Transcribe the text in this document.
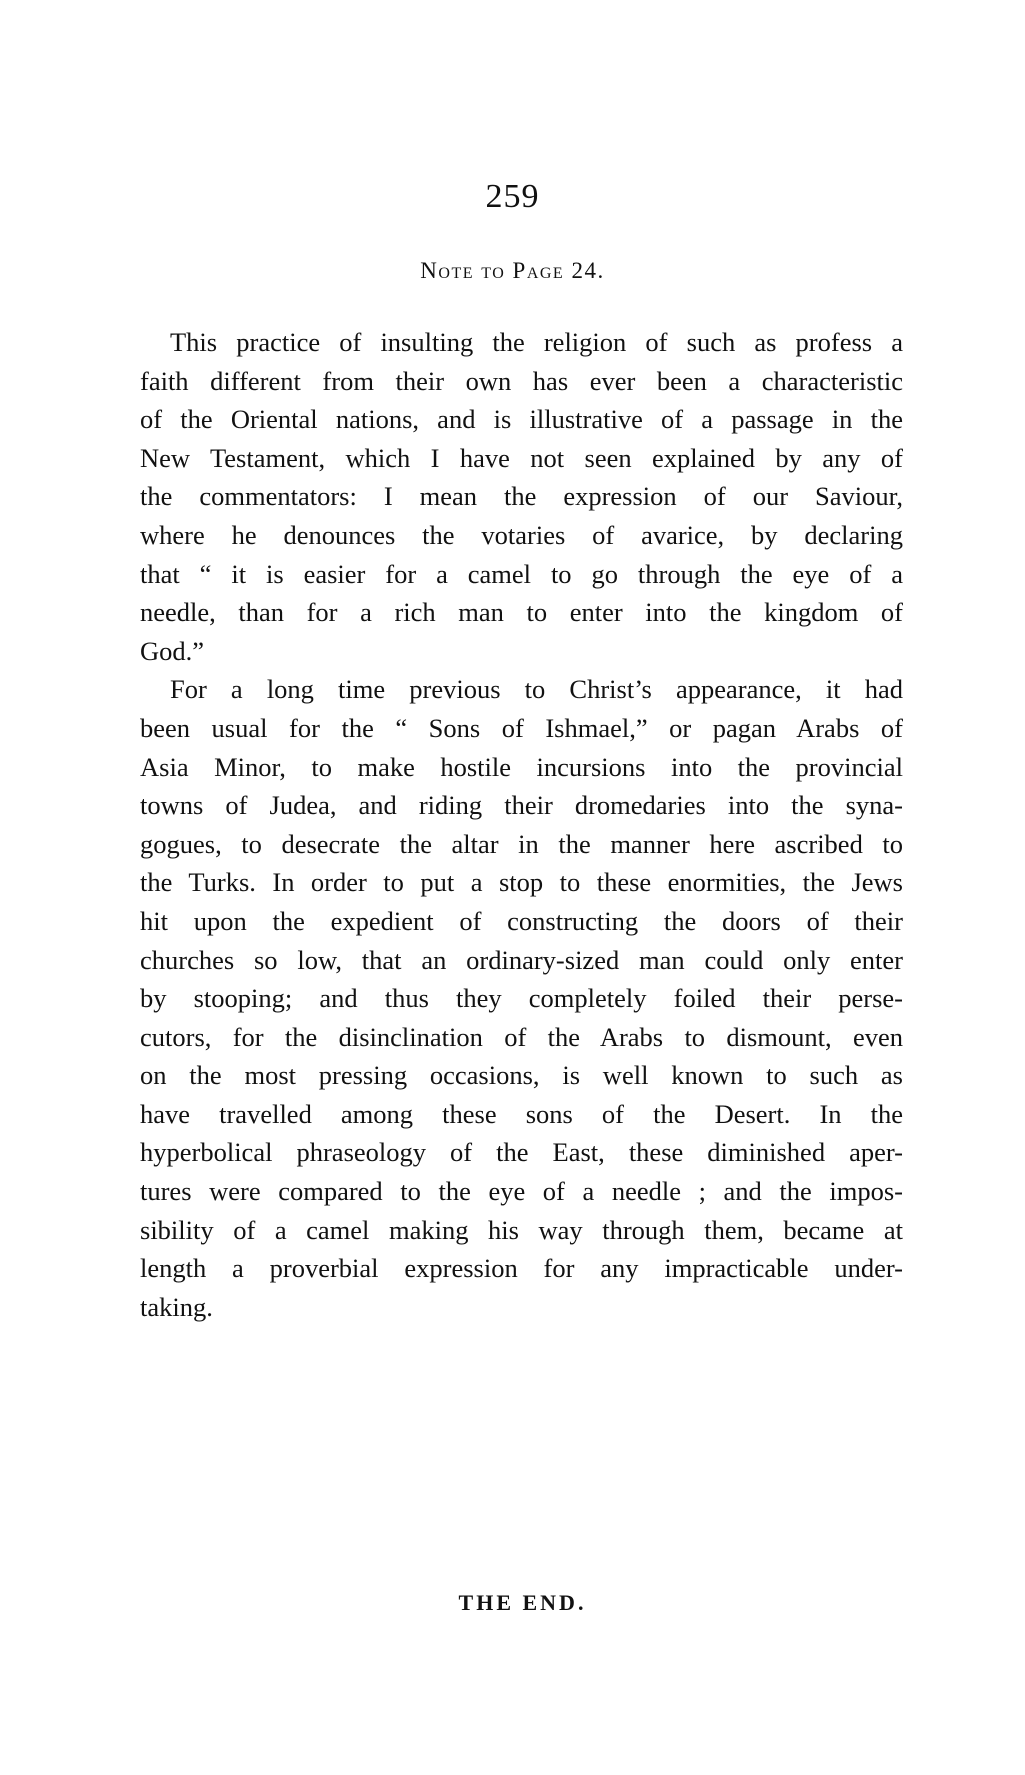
259
Note to Page 24.
This practice of insulting the religion of such as profess a
faith different from their own has ever been a characteristic
of the Oriental nations, and is illustrative of a passage in the
New Testament, which I have not seen explained by any of
the commentators: I mean the expression of our Saviour,
where he denounces the votaries of avarice, by declaring
that “ it is easier for a camel to go through the eye of a
needle, than for a rich man to enter into the kingdom of
God.”
For a long time previous to Christ’s appearance, it had
been usual for the “ Sons of Ishmael,” or pagan Arabs of
Asia Minor, to make hostile incursions into the provincial
towns of Judea, and riding their dromedaries into the syna-
gogues, to desecrate the altar in the manner here ascribed to
the Turks. In order to put a stop to these enormities, the Jews
hit upon the expedient of constructing the doors of their
churches so low, that an ordinary-sized man could only enter
by stooping; and thus they completely foiled their perse-
cutors, for the disinclination of the Arabs to dismount, even
on the most pressing occasions, is well known to such as
have travelled among these sons of the Desert. In the
hyperbolical phraseology of the East, these diminished aper-
tures were compared to the eye of a needle ; and the impos-
sibility of a camel making his way through them, became at
length a proverbial expression for any impracticable under-
taking.
THE END.
